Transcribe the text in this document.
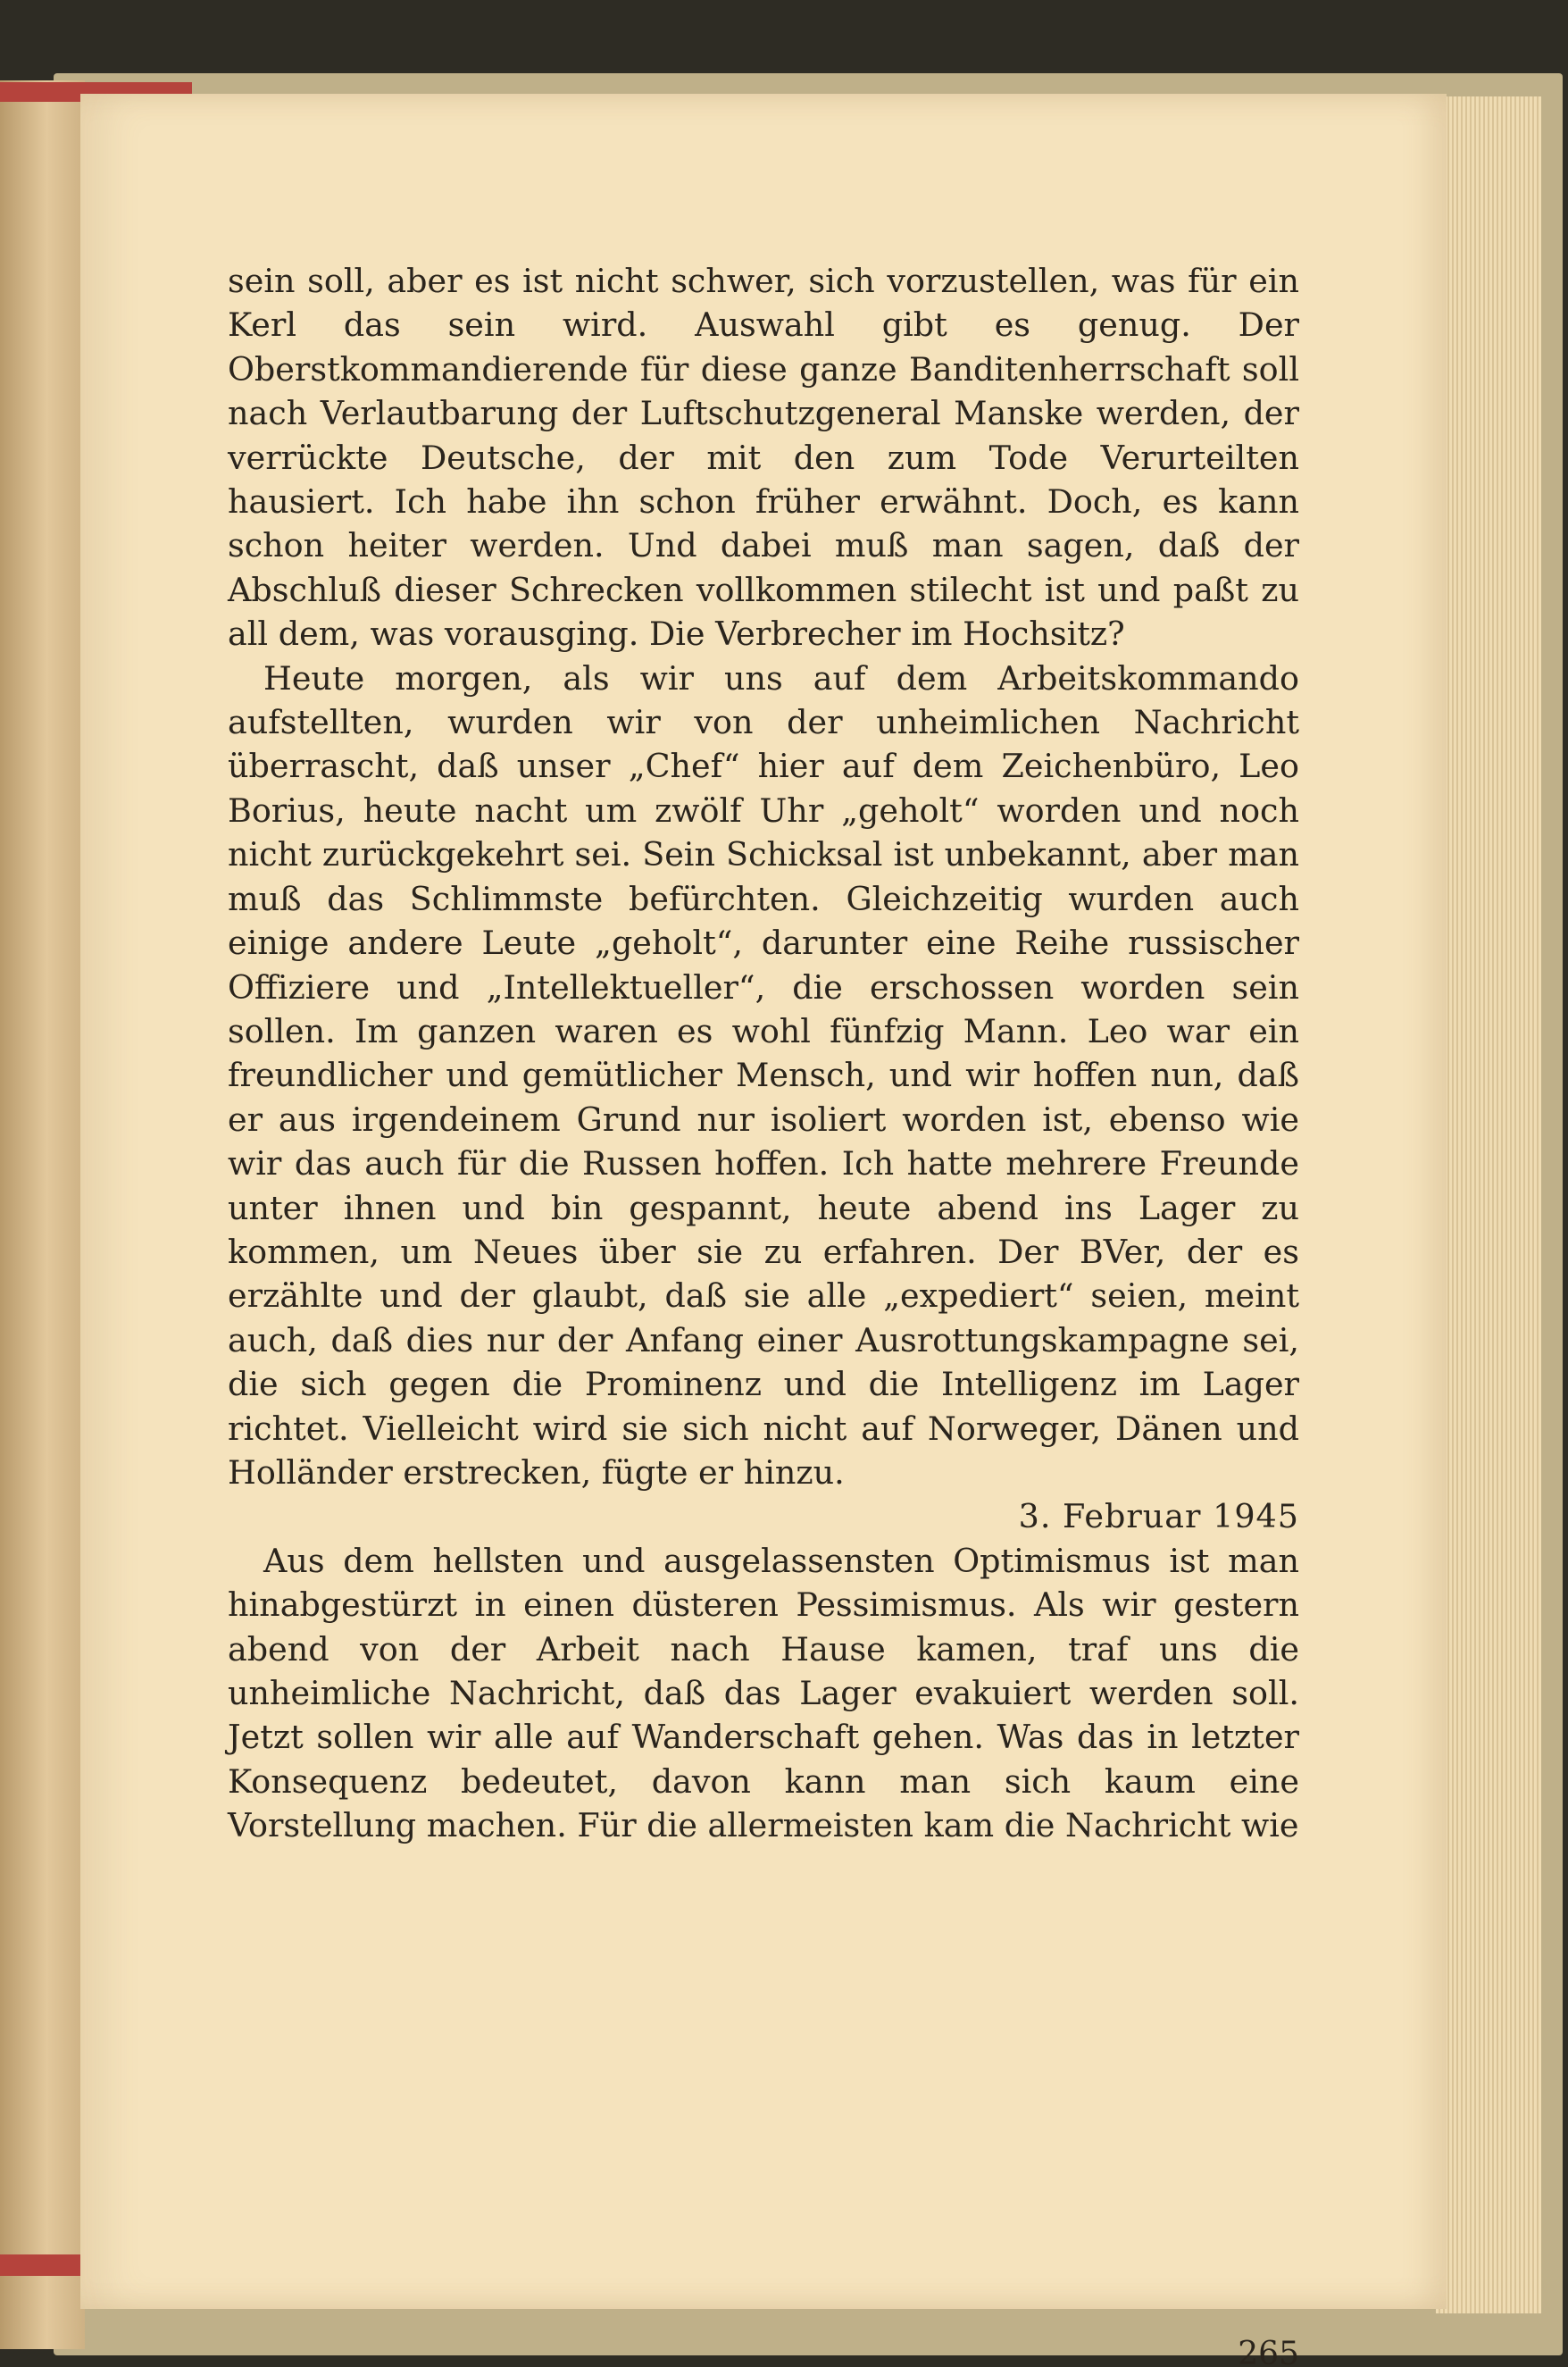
sein soll, aber es ist nicht schwer, sich vorzustellen, was für ein Kerl das sein wird. Auswahl gibt es genug. Der Oberstkommandierende für diese ganze Banditenherrschaft soll nach Verlautbarung der Luftschutzgeneral Manske werden, der verrückte Deutsche, der mit den zum Tode Verurteilten hausiert. Ich habe ihn schon früher erwähnt. Doch, es kann schon heiter werden. Und dabei muß man sagen, daß der Abschluß dieser Schrecken vollkommen stilecht ist und paßt zu all dem, was vorausging. Die Verbrecher im Hochsitz?

Heute morgen, als wir uns auf dem Arbeitskommando aufstellten, wurden wir von der unheimlichen Nachricht überrascht, daß unser „Chef“ hier auf dem Zeichenbüro, Leo Borius, heute nacht um zwölf Uhr „geholt“ worden und noch nicht zurückgekehrt sei. Sein Schicksal ist unbekannt, aber man muß das Schlimmste befürchten. Gleichzeitig wurden auch einige andere Leute „geholt“, darunter eine Reihe russischer Offiziere und „Intellektueller“, die erschossen worden sein sollen. Im ganzen waren es wohl fünfzig Mann. Leo war ein freundlicher und gemütlicher Mensch, und wir hoffen nun, daß er aus irgendeinem Grund nur isoliert worden ist, ebenso wie wir das auch für die Russen hoffen. Ich hatte mehrere Freunde unter ihnen und bin gespannt, heute abend ins Lager zu kommen, um Neues über sie zu erfahren. Der BVer, der es erzählte und der glaubt, daß sie alle „expediert“ seien, meint auch, daß dies nur der Anfang einer Ausrottungskampagne sei, die sich gegen die Prominenz und die Intelligenz im Lager richtet. Vielleicht wird sie sich nicht auf Norweger, Dänen und Holländer erstrecken, fügte er hinzu.

3. Februar 1945

Aus dem hellsten und ausgelassensten Optimismus ist man hinabgestürzt in einen düsteren Pessimismus. Als wir gestern abend von der Arbeit nach Hause kamen, traf uns die unheimliche Nachricht, daß das Lager evakuiert werden soll. Jetzt sollen wir alle auf Wanderschaft gehen. Was das in letzter Konsequenz bedeutet, davon kann man sich kaum eine Vorstellung machen. Für die allermeisten kam die Nachricht wie

265
